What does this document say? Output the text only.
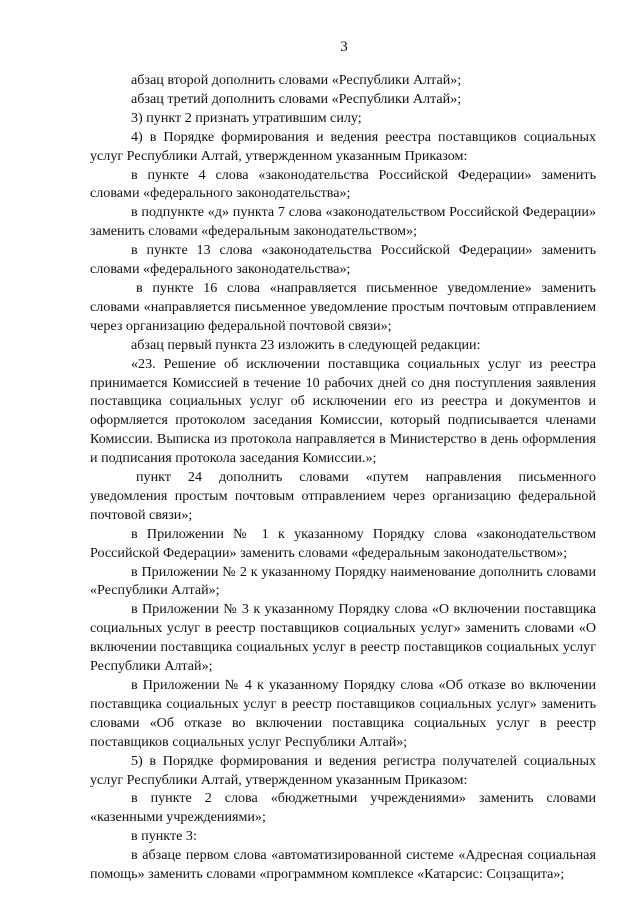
3

абзац второй дополнить словами «Республики Алтай»;

абзац третий дополнить словами «Республики Алтай»;

3) пункт 2 признать утратившим силу;

4) в Порядке формирования и ведения реестра поставщиков социальных услуг Республики Алтай, утвержденном указанным Приказом:

в пункте 4 слова «законодательства Российской Федерации» заменить словами «федерального законодательства»;

в подпункте «д» пункта 7 слова «законодательством Российской Федерации» заменить словами «федеральным законодательством»;

в пункте 13 слова «законодательства Российской Федерации» заменить словами «федерального законодательства»;

в пункте 16 слова «направляется письменное уведомление» заменить словами «направляется письменное уведомление простым почтовым отправлением через организацию федеральной почтовой связи»;

абзац первый пункта 23 изложить в следующей редакции:

«23. Решение об исключении поставщика социальных услуг из реестра принимается Комиссией в течение 10 рабочих дней со дня поступления заявления поставщика социальных услуг об исключении его из реестра и документов и оформляется протоколом заседания Комиссии, который подписывается членами Комиссии. Выписка из протокола направляется в Министерство в день оформления и подписания протокола заседания Комиссии.»;

пункт 24 дополнить словами «путем направления письменного уведомления простым почтовым отправлением через организацию федеральной почтовой связи»;

в Приложении № 1 к указанному Порядку слова «законодательством Российской Федерации» заменить словами «федеральным законодательством»;

в Приложении № 2 к указанному Порядку наименование дополнить словами «Республики Алтай»;

в Приложении № 3 к указанному Порядку слова «О включении поставщика социальных услуг в реестр поставщиков социальных услуг» заменить словами «О включении поставщика социальных услуг в реестр поставщиков социальных услуг Республики Алтай»;

в Приложении № 4 к указанному Порядку слова «Об отказе во включении поставщика социальных услуг в реестр поставщиков социальных услуг» заменить словами «Об отказе во включении поставщика социальных услуг в реестр поставщиков социальных услуг Республики Алтай»;

5) в Порядке формирования и ведения регистра получателей социальных услуг Республики Алтай, утвержденном указанным Приказом:

в пункте 2 слова «бюджетными учреждениями» заменить словами «казенными учреждениями»;

в пункте 3:

в абзаце первом слова «автоматизированной системе «Адресная социальная помощь» заменить словами «программном комплексе «Катарсис: Соцзащита»;
